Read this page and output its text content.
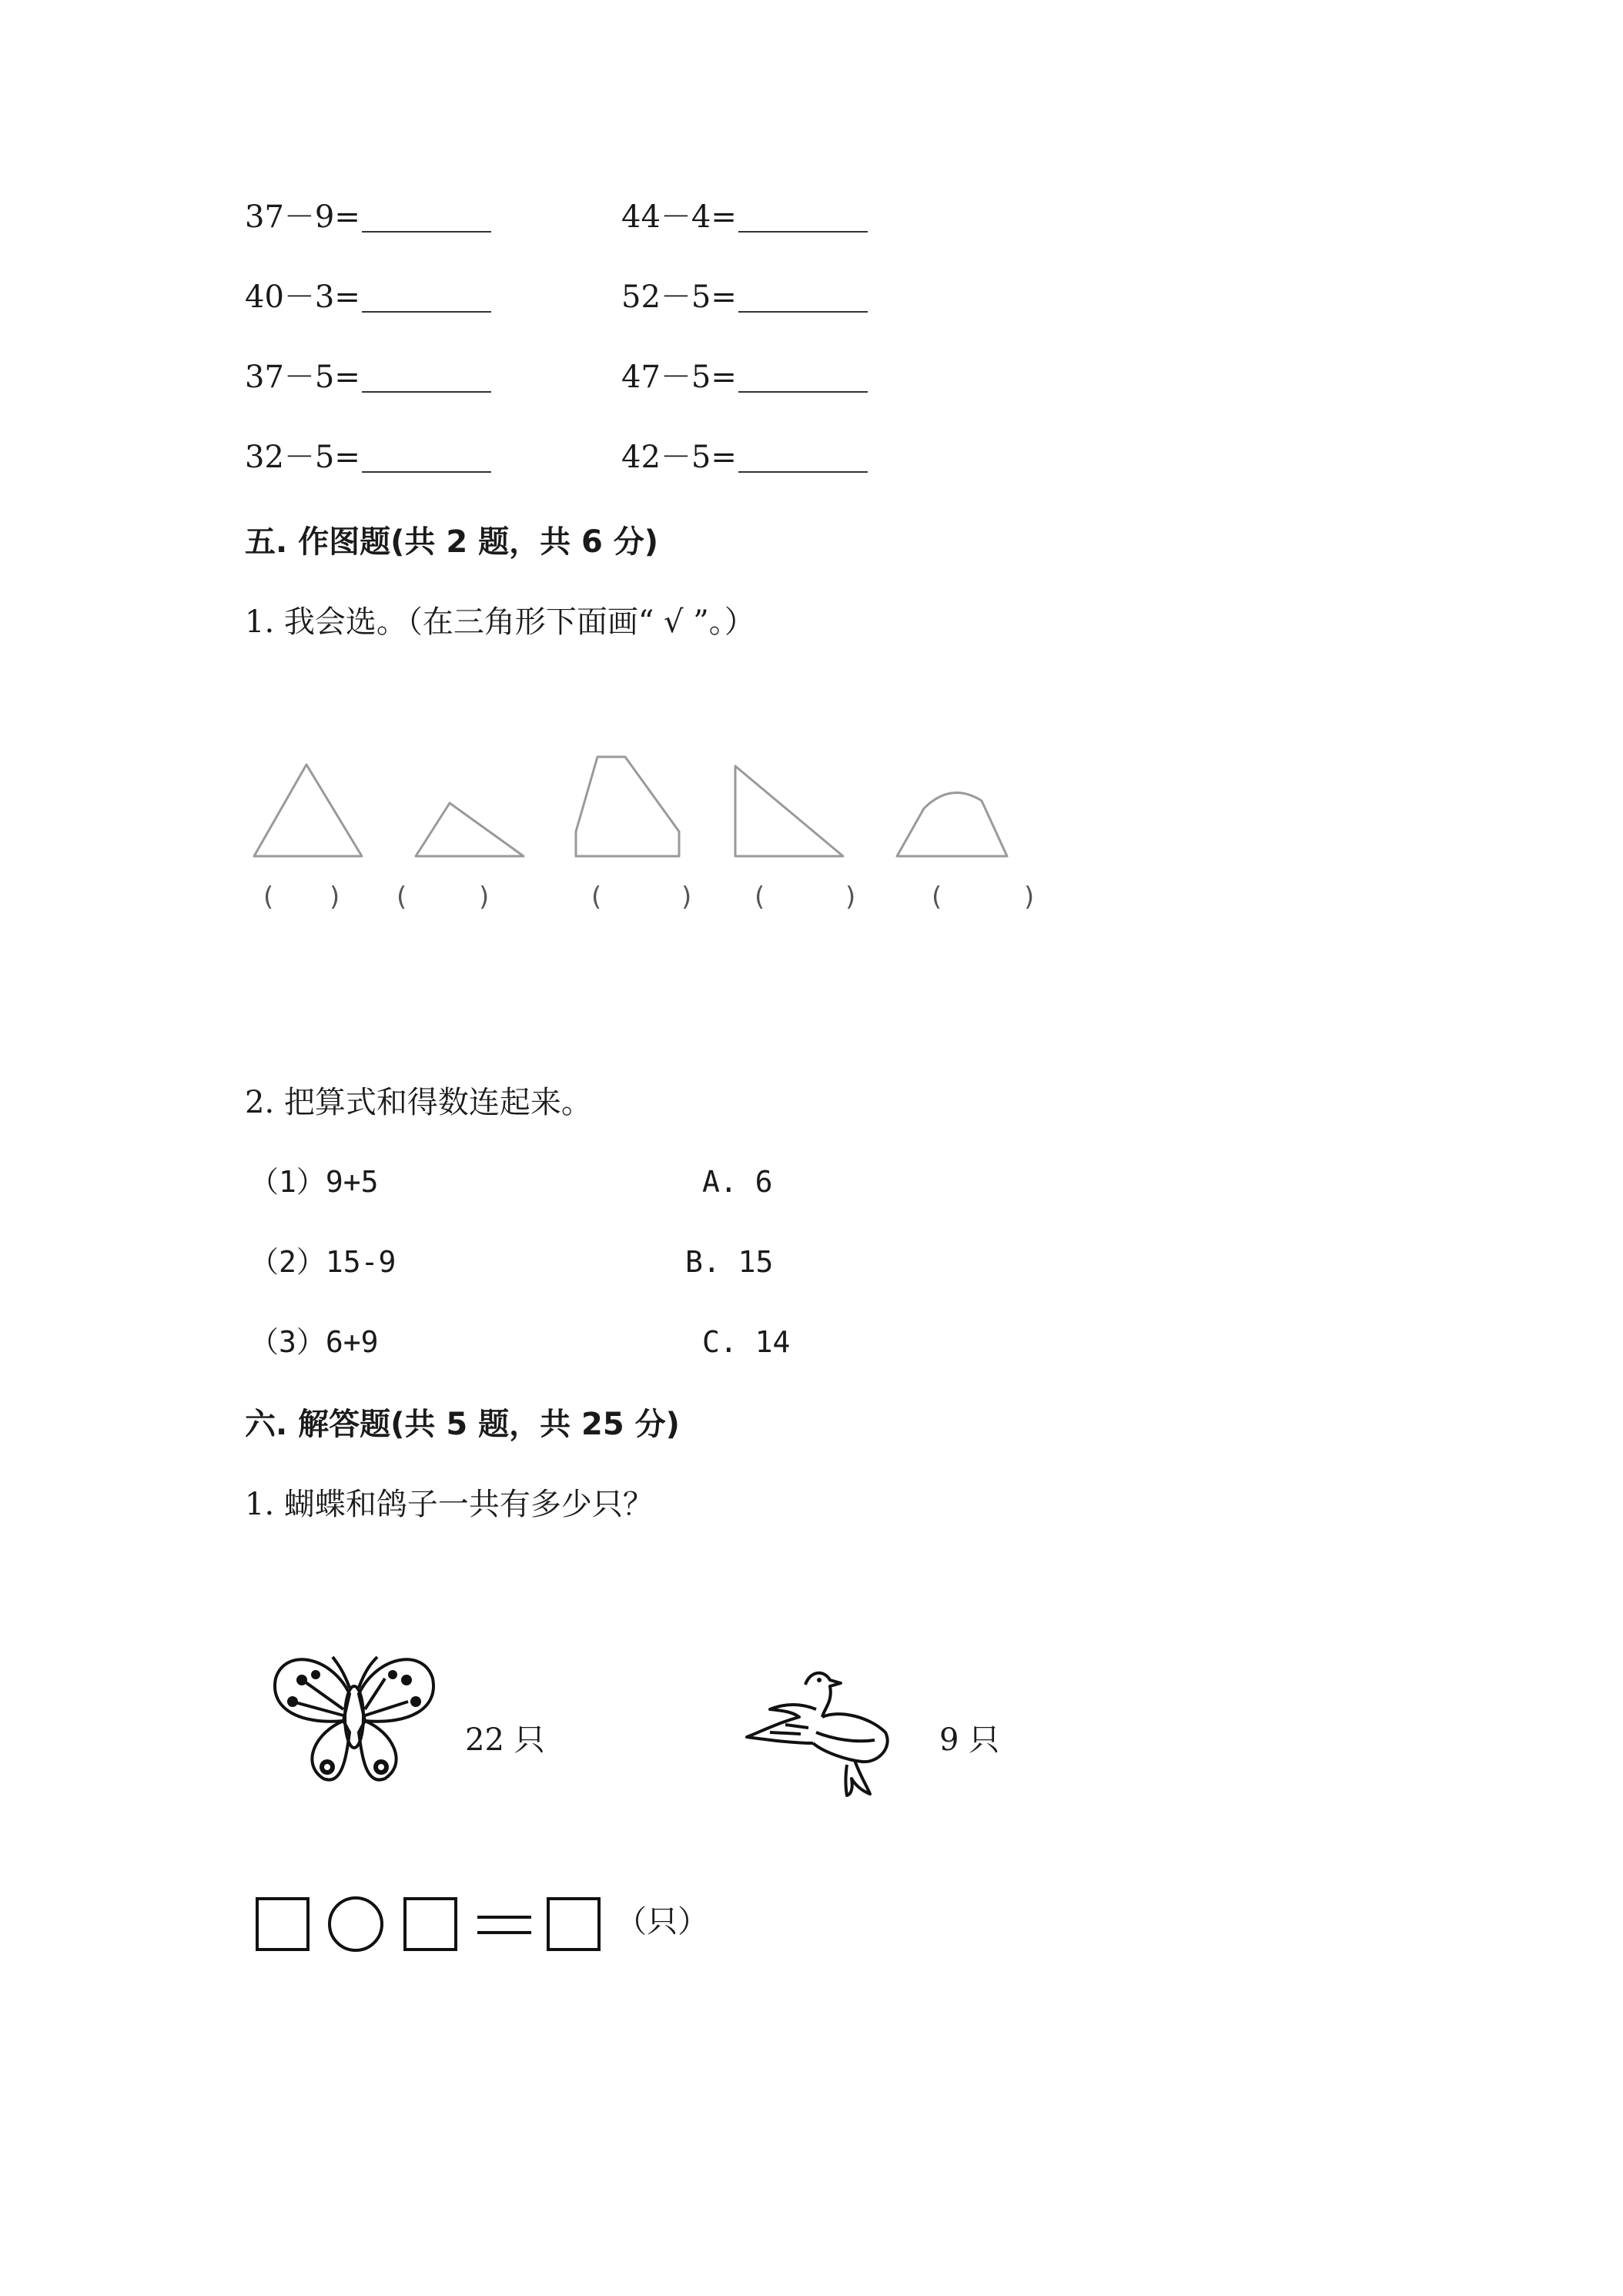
37－9=	44－4=
40－3=	52－5=
37－5=	47－5=
32－5=	42－5=
五. 作图题(共 2 题，共 6 分)
1. 我会选。（在三角形下面画“ √ ”。）
( ) (	)	(	) (	)	(	)
2. 把算式和得数连起来。
（1）9+5
（2）15-9
（3）6+9
A. 6
B. 15
C. 14
六. 解答题(共 5 题，共 25 分)
1. 蝴蝶和鸽子一共有多少只？
22 只	9 只
（只）
